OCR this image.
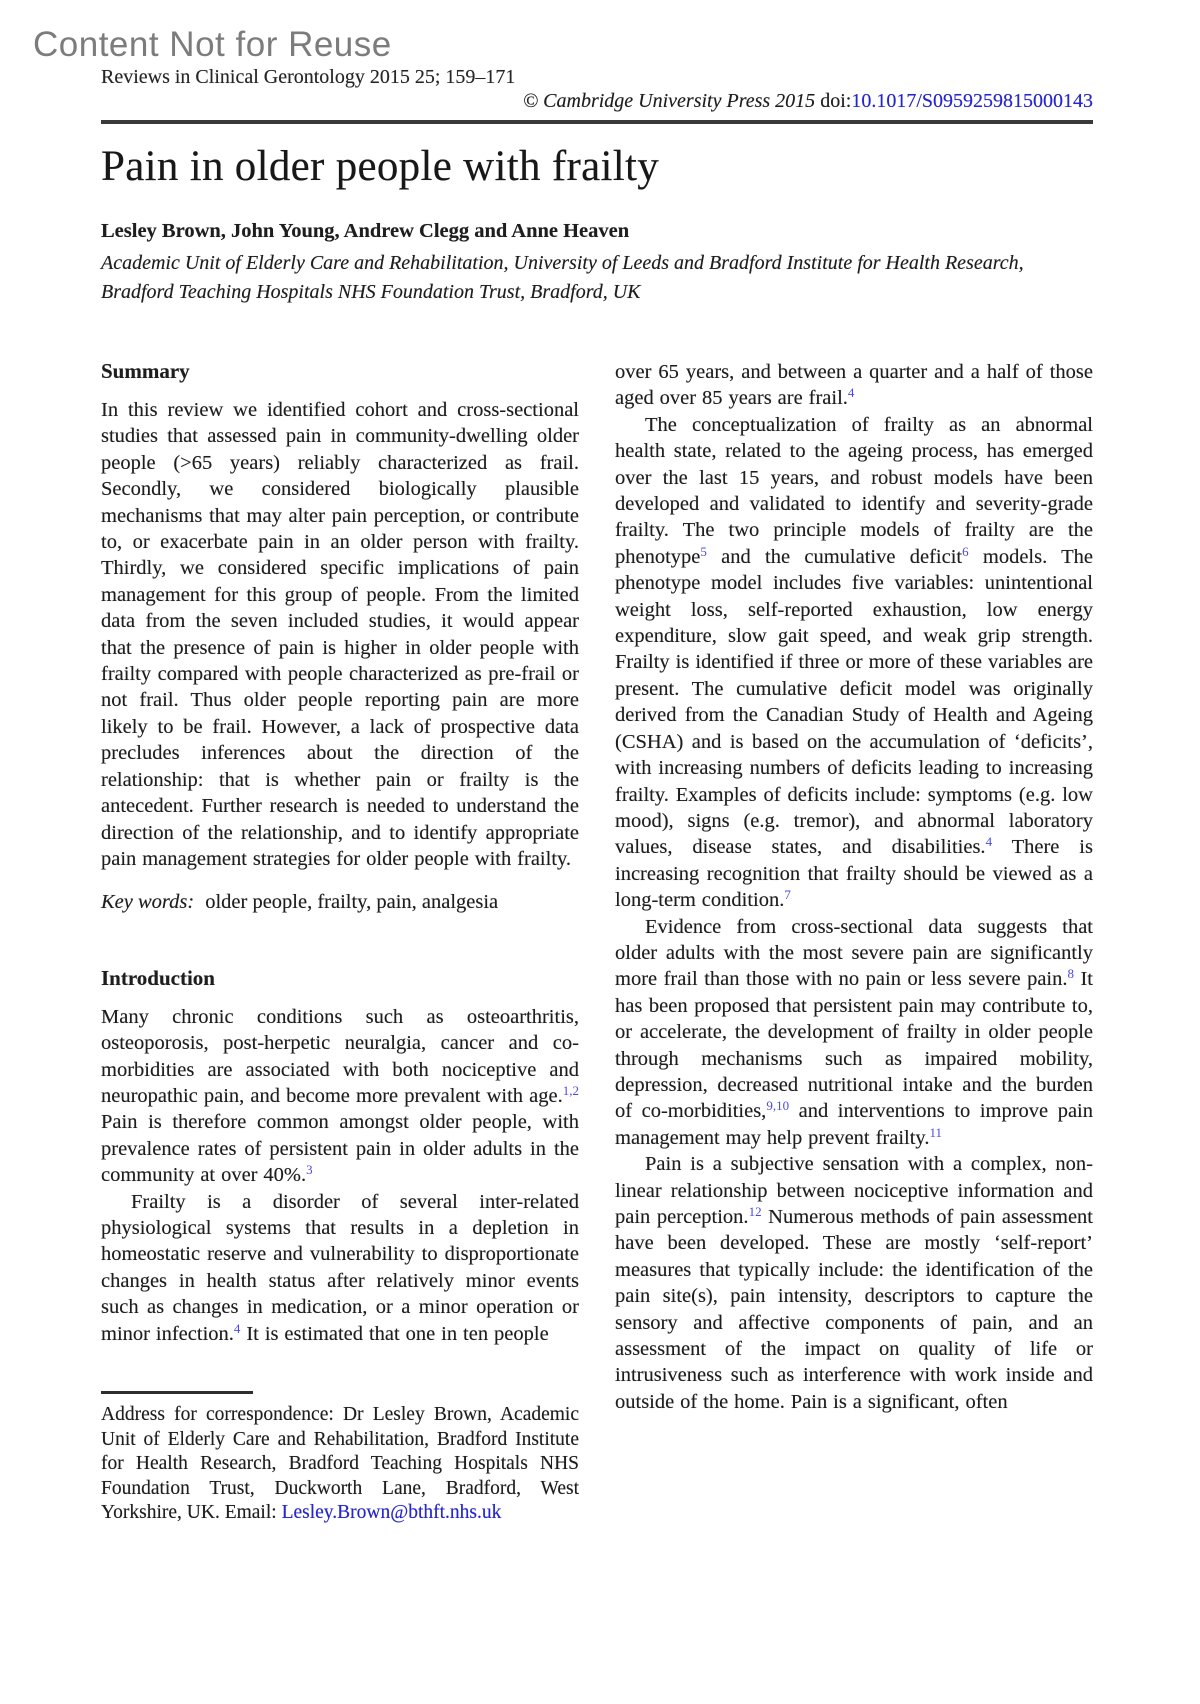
Content Not for Reuse
Reviews in Clinical Gerontology 2015 25; 159–171
© Cambridge University Press 2015 doi:10.1017/S0959259815000143
Pain in older people with frailty
Lesley Brown, John Young, Andrew Clegg and Anne Heaven
Academic Unit of Elderly Care and Rehabilitation, University of Leeds and Bradford Institute for Health Research, Bradford Teaching Hospitals NHS Foundation Trust, Bradford, UK
Summary

In this review we identified cohort and cross-sectional studies that assessed pain in community-dwelling older people (>65 years) reliably characterized as frail. Secondly, we considered biologically plausible mechanisms that may alter pain perception, or contribute to, or exacerbate pain in an older person with frailty. Thirdly, we considered specific implications of pain management for this group of people. From the limited data from the seven included studies, it would appear that the presence of pain is higher in older people with frailty compared with people characterized as pre-frail or not frail. Thus older people reporting pain are more likely to be frail. However, a lack of prospective data precludes inferences about the direction of the relationship: that is whether pain or frailty is the antecedent. Further research is needed to understand the direction of the relationship, and to identify appropriate pain management strategies for older people with frailty.

Key words: older people, frailty, pain, analgesia

Introduction

Many chronic conditions such as osteoarthritis, osteoporosis, post-herpetic neuralgia, cancer and co-morbidities are associated with both nociceptive and neuropathic pain, and become more prevalent with age.$^{1,2}$ Pain is therefore common amongst older people, with prevalence rates of persistent pain in older adults in the community at over 40%.$^3$

Frailty is a disorder of several inter-related physiological systems that results in a depletion in homeostatic reserve and vulnerability to disproportionate changes in health status after relatively minor events such as changes in medication, or a minor operation or minor infection.$^4$ It is estimated that one in ten people

Address for correspondence: Dr Lesley Brown, Academic Unit of Elderly Care and Rehabilitation, Bradford Institute for Health Research, Bradford Teaching Hospitals NHS Foundation Trust, Duckworth Lane, Bradford, West Yorkshire, UK. Email: Lesley.Brown@bthft.nhs.uk

over 65 years, and between a quarter and a half of those aged over 85 years are frail.$^4$

The conceptualization of frailty as an abnormal health state, related to the ageing process, has emerged over the last 15 years, and robust models have been developed and validated to identify and severity-grade frailty. The two principle models of frailty are the phenotype$^5$ and the cumulative deficit$^6$ models. The phenotype model includes five variables: unintentional weight loss, self-reported exhaustion, low energy expenditure, slow gait speed, and weak grip strength. Frailty is identified if three or more of these variables are present. The cumulative deficit model was originally derived from the Canadian Study of Health and Ageing (CSHA) and is based on the accumulation of ‘deficits’, with increasing numbers of deficits leading to increasing frailty. Examples of deficits include: symptoms (e.g. low mood), signs (e.g. tremor), and abnormal laboratory values, disease states, and disabilities.$^4$ There is increasing recognition that frailty should be viewed as a long-term condition.$^7$

Evidence from cross-sectional data suggests that older adults with the most severe pain are significantly more frail than those with no pain or less severe pain.$^8$ It has been proposed that persistent pain may contribute to, or accelerate, the development of frailty in older people through mechanisms such as impaired mobility, depression, decreased nutritional intake and the burden of co-morbidities,$^{9,10}$ and interventions to improve pain management may help prevent frailty.$^{11}$

Pain is a subjective sensation with a complex, non-linear relationship between nociceptive information and pain perception.$^{12}$ Numerous methods of pain assessment have been developed. These are mostly ‘self-report’ measures that typically include: the identification of the pain site(s), pain intensity, descriptors to capture the sensory and affective components of pain, and an assessment of the impact on quality of life or intrusiveness such as interference with work inside and outside of the home. Pain is a significant, often
